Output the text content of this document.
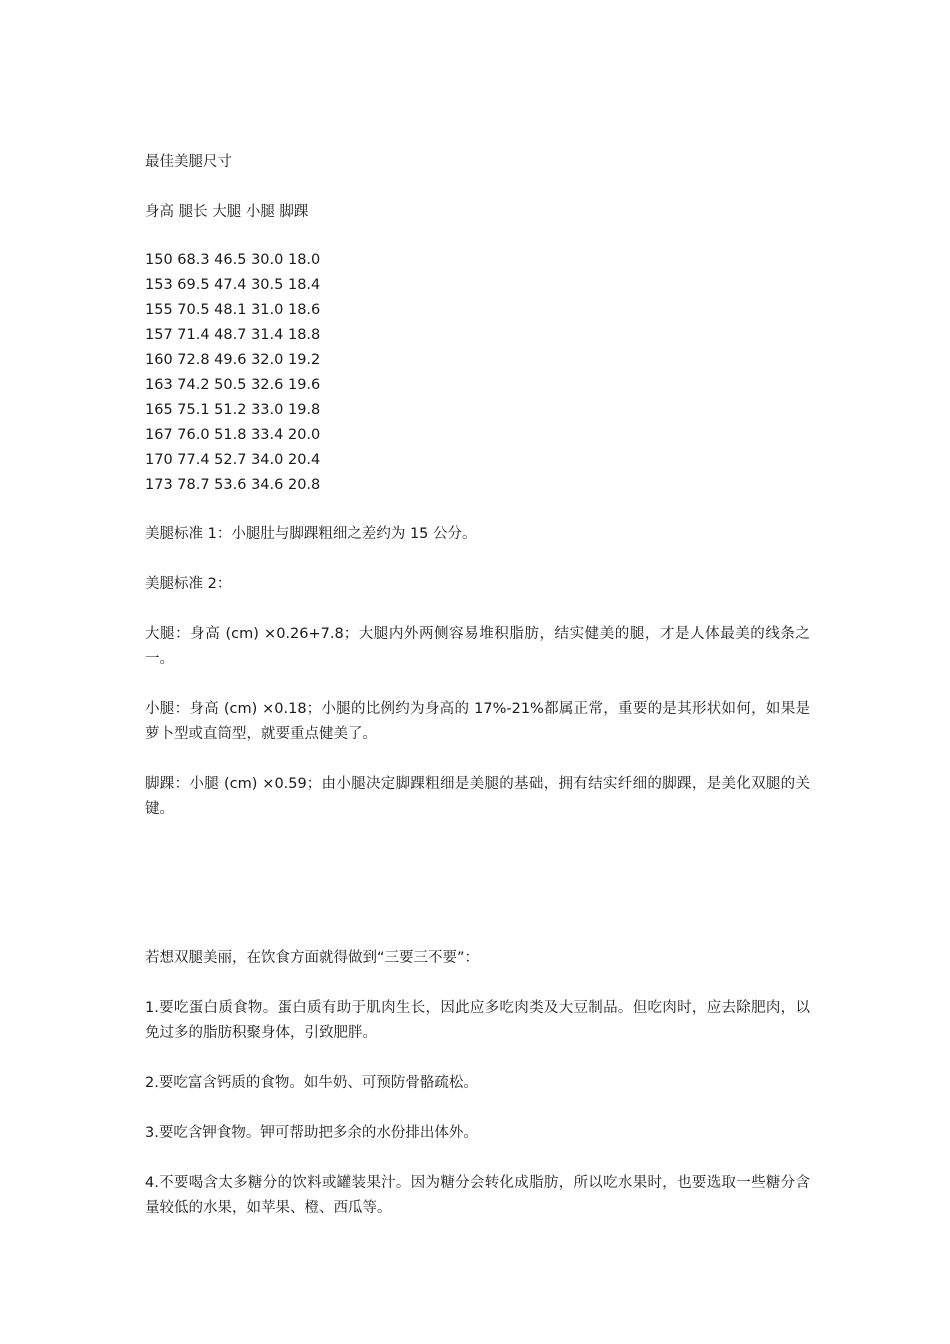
最佳美腿尺寸
身高 腿长 大腿 小腿 脚踝
150 68.3 46.5 30.0 18.0
153 69.5 47.4 30.5 18.4
155 70.5 48.1 31.0 18.6
157 71.4 48.7 31.4 18.8
160 72.8 49.6 32.0 19.2
163 74.2 50.5 32.6 19.6
165 75.1 51.2 33.0 19.8
167 76.0 51.8 33.4 20.0
170 77.4 52.7 34.0 20.4
173 78.7 53.6 34.6 20.8
美腿标准 1：小腿肚与脚踝粗细之差约为 15 公分。
美腿标准 2：
大腿：身高 (cm) ×0.26+7.8；大腿内外两侧容易堆积脂肪，结实健美的腿，才是人体最美的线条之一。
小腿：身高 (cm) ×0.18；小腿的比例约为身高的 17%-21%都属正常，重要的是其形状如何，如果是萝卜型或直筒型，就要重点健美了。
脚踝：小腿 (cm) ×0.59；由小腿决定脚踝粗细是美腿的基础，拥有结实纤细的脚踝，是美化双腿的关键。
若想双腿美丽，在饮食方面就得做到“三要三不要”：
1.要吃蛋白质食物。蛋白质有助于肌肉生长，因此应多吃肉类及大豆制品。但吃肉时，应去除肥肉，以免过多的脂肪积聚身体，引致肥胖。
2.要吃富含钙质的食物。如牛奶、可预防骨骼疏松。
3.要吃含钾食物。钾可帮助把多余的水份排出体外。
4.不要喝含太多糖分的饮料或罐装果汁。因为糖分会转化成脂肪，所以吃水果时，也要选取一些糖分含量较低的水果，如苹果、橙、西瓜等。
